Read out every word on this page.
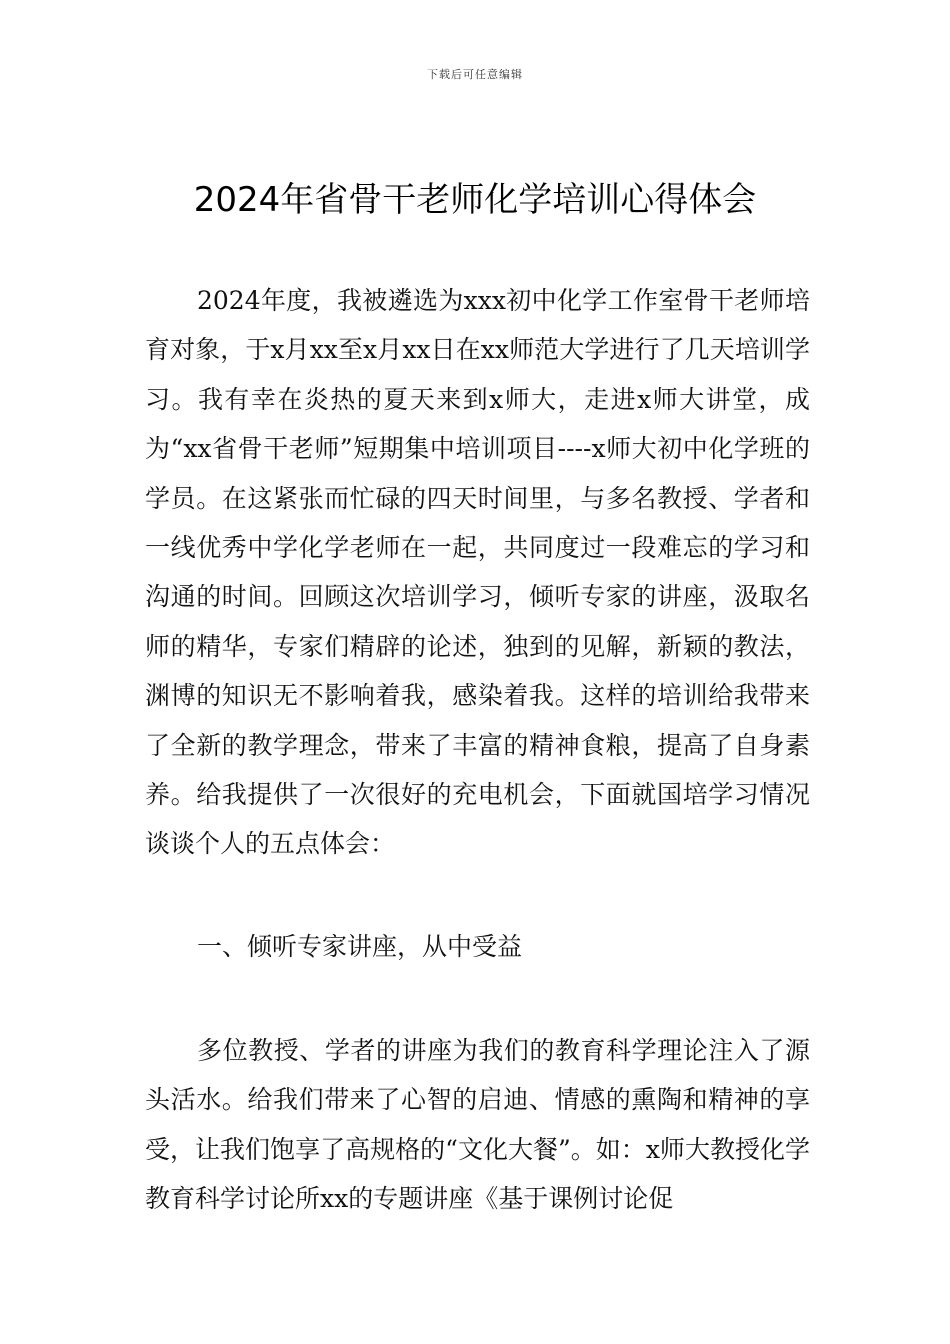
下载后可任意编辑
2024年省骨干老师化学培训心得体会

2024年度，我被遴选为xxx初中化学工作室骨干老师培育对象，于x月xx至x月xx日在xx师范大学进行了几天培训学习。我有幸在炎热的夏天来到x师大，走进x师大讲堂，成为“xx省骨干老师”短期集中培训项目----x师大初中化学班的学员。在这紧张而忙碌的四天时间里，与多名教授、学者和一线优秀中学化学老师在一起，共同度过一段难忘的学习和沟通的时间。回顾这次培训学习，倾听专家的讲座，汲取名师的精华，专家们精辟的论述，独到的见解，新颖的教法，渊博的知识无不影响着我，感染着我。这样的培训给我带来了全新的教学理念，带来了丰富的精神食粮，提高了自身素养。给我提供了一次很好的充电机会，下面就国培学习情况谈谈个人的五点体会：

一、倾听专家讲座，从中受益

多位教授、学者的讲座为我们的教育科学理论注入了源头活水。给我们带来了心智的启迪、情感的熏陶和精神的享受，让我们饱享了高规格的“文化大餐”。如：x师大教授化学教育科学讨论所xx的专题讲座《基于课例讨论促
